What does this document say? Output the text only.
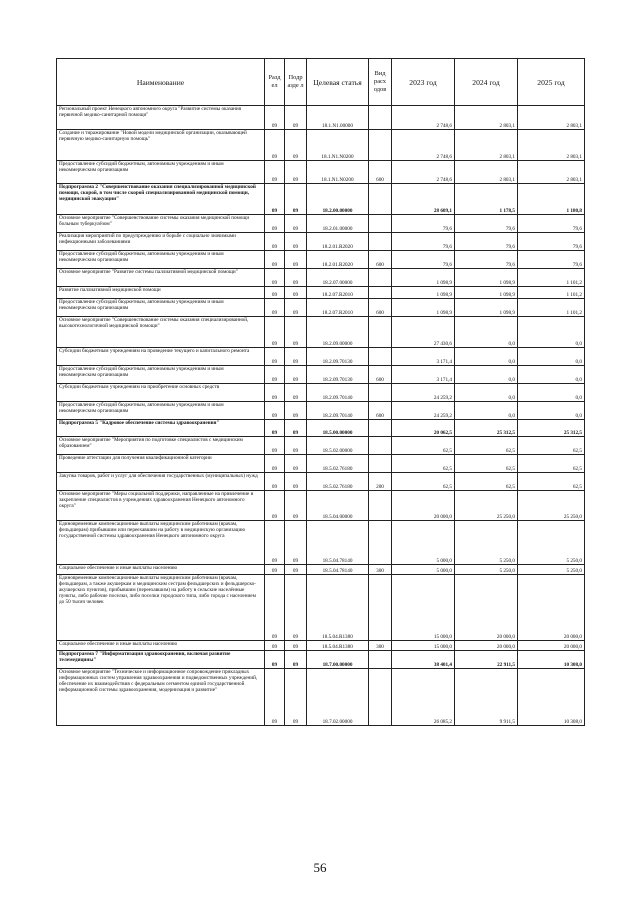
Наименование	Разд ел	Подр азде л	Целевая статья	Вид расх одов	2023 год	2024 год	2025 год
Региональный проект Ненецкого автономного округа "Развитие системы оказания первичной медико-санитарной помощи"	09	09	18.1.N1.00000		2 748,6	2 803,1	2 803,1
Создание и тиражирование "Новой модели медицинской организации, оказывающей первичную медико-санитарную помощь"	09	09	18.1.N1.N0200		2 748,6	2 803,1	2 803,1
Предоставление субсидий бюджетным, автономным учреждениям и иным некоммерческим организациям	09	09	18.1.N1.N0200	600	2 748,6	2 803,1	2 803,1
Подпрограмма 2 "Совершенствование оказания специализированной медицинской помощи, скорой, в том числе скорой специализированной медицинской помощи, медицинской эвакуации"	09	09	18.2.00.00000		28 609,1	1 178,5	1 180,8
Основное мероприятие "Совершенствование системы оказания медицинской помощи больным туберкулёзом"	09	09	18.2.01.00000		79,6	79,6	79,6
Реализация мероприятий по предупреждению и борьбе с социально значимыми инфекционными заболеваниями	09	09	18.2.01.R2020		79,6	79,6	79,6
Предоставление субсидий бюджетным, автономным учреждениям и иным некоммерческим организациям	09	09	18.2.01.R2020	600	79,6	79,6	79,6
Основное мероприятие "Развитие системы паллиативной медицинской помощи"	09	09	18.2.07.00000		1 098,9	1 098,9	1 101,2
Развитие паллиативной медицинской помощи	09	09	18.2.07.R2010		1 098,9	1 098,9	1 101,2
Предоставление субсидий бюджетным, автономным учреждениям и иным некоммерческим организациям	09	09	18.2.07.R2010	600	1 098,9	1 098,9	1 101,2
Основное мероприятие "Совершенствование системы оказания специализированной, высокотехнологичной медицинской помощи"	09	09	18.2.09.00000		27 430,6	0,0	0,0
Субсидии бюджетным учреждениям на проведение текущего и капитального ремонта	09	09	18.2.09.70130		3 171,4	0,0	0,0
Предоставление субсидий бюджетным, автономным учреждениям и иным некоммерческим организациям	09	09	18.2.09.70130	600	3 171,4	0,0	0,0
Субсидии бюджетным учреждениям на приобретение основных средств	09	09	18.2.09.70140		24 259,2	0,0	0,0
Предоставление субсидий бюджетным, автономным учреждениям и иным некоммерческим организациям	09	09	18.2.09.70140	600	24 259,2	0,0	0,0
Подпрограмма 5 "Кадровое обеспечение системы здравоохранения"	09	09	18.5.00.00000		20 062,5	25 312,5	25 312,5
Основное мероприятие "Мероприятия по подготовке специалистов с медицинским образованием"	09	09	18.5.02.00000		62,5	62,5	62,5
Проведение аттестации для получения квалификационной категории	09	09	18.5.02.76180		62,5	62,5	62,5
Закупка товаров, работ и услуг для обеспечения государственных (муниципальных) нужд	09	09	18.5.02.76180	200	62,5	62,5	62,5
Основное мероприятие "Меры социальной поддержки, направленные на привлечение и закрепление специалистов в учреждениях здравоохранения Ненецкого автономного округа"	09	09	18.5.04.00000		20 000,0	25 250,0	25 250,0
Единовременные компенсационные выплаты медицинским работникам (врачам, фельдшерам) прибывшим или переехавшим на работу в медицинскую организацию государственной системы здравоохранения Ненецкого автономного округа	09	09	18.5.04.78140		5 000,0	5 250,0	5 250,0
Социальное обеспечение и иные выплаты населению	09	09	18.5.04.78140	300	5 000,0	5 250,0	5 250,0
Единовременные компенсационные выплаты медицинским работникам (врачам, фельдшерам, а также акушеркам и медицинским сестрам фельдшерских и фельдшерско-акушерских пунктов), прибывшим (переехавшим) на работу в сельские населённые пункты, либо рабочие поселки, либо поселки городского типа, либо города с населением до 50 тысяч человек	09	09	18.5.04.R1380		15 000,0	20 000,0	20 000,0
Социальное обеспечение и иные выплаты населению	09	09	18.5.04.R1380	300	15 000,0	20 000,0	20 000,0
Подпрограмма 7 "Информатизация здравоохранения, включая развитие телемедицины"	09	09	18.7.00.00000		38 401,4	22 911,5	10 308,0
Основное мероприятие "Техническое и информационное сопровождение прикладных информационных систем управления здравоохранения и подведомственных учреждений, обеспечение их взаимодействия с федеральным сегментом единой государственной информационной системы здравоохранения, модернизация и развитие"	09	09	18.7.02.00000		26 085,2	9 911,5	10 308,0
56
